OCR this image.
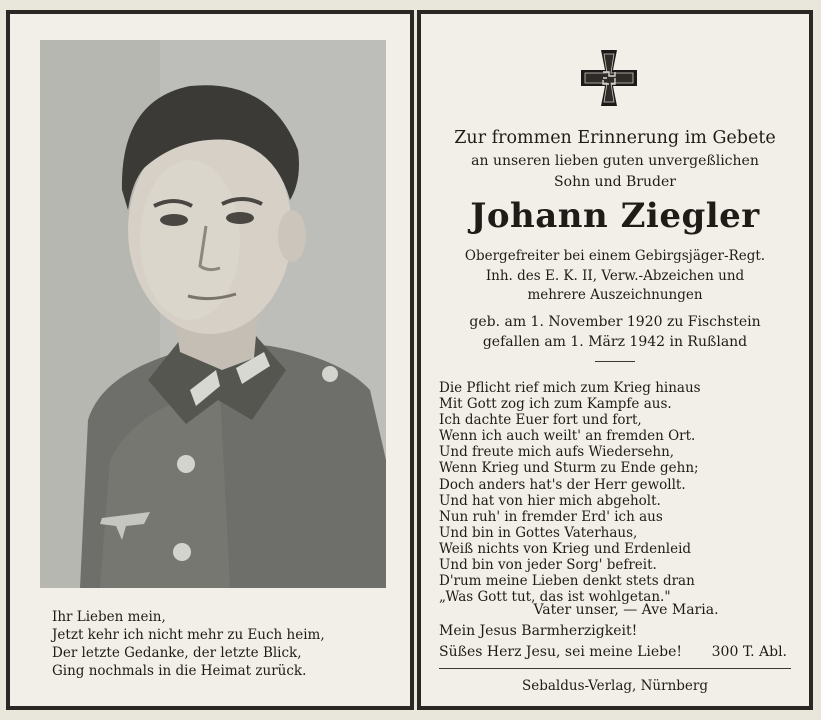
Ihr Lieben mein,
Jetzt kehr ich nicht mehr zu Euch heim,
Der letzte Gedanke, der letzte Blick,
Ging nochmals in die Heimat zurück.
Zur frommen Erinnerung im Gebete
an unseren lieben guten unvergeßlichen
Sohn und Bruder
Johann Ziegler
Obergefreiter bei einem Gebirgsjäger-Regt.
Inh. des E. K. II, Verw.-Abzeichen und
mehrere Auszeichnungen
geb. am 1. November 1920 zu Fischstein
gefallen am 1. März 1942 in Rußland
Die Pflicht rief mich zum Krieg hinaus
Mit Gott zog ich zum Kampfe aus.
Ich dachte Euer fort und fort,
Wenn ich auch weilt' an fremden Ort.
Und freute mich aufs Wiedersehn,
Wenn Krieg und Sturm zu Ende gehn;
Doch anders hat's der Herr gewollt.
Und hat von hier mich abgeholt.
Nun ruh' in fremder Erd' ich aus
Und bin in Gottes Vaterhaus,
Weiß nichts von Krieg und Erdenleid
Und bin von jeder Sorg' befreit.
D'rum meine Lieben denkt stets dran
„Was Gott tut, das ist wohlgetan."
Vater unser, — Ave Maria.
Mein Jesus Barmherzigkeit!
Süßes Herz Jesu, sei meine Liebe! 300 T. Abl.
Sebaldus-Verlag, Nürnberg
